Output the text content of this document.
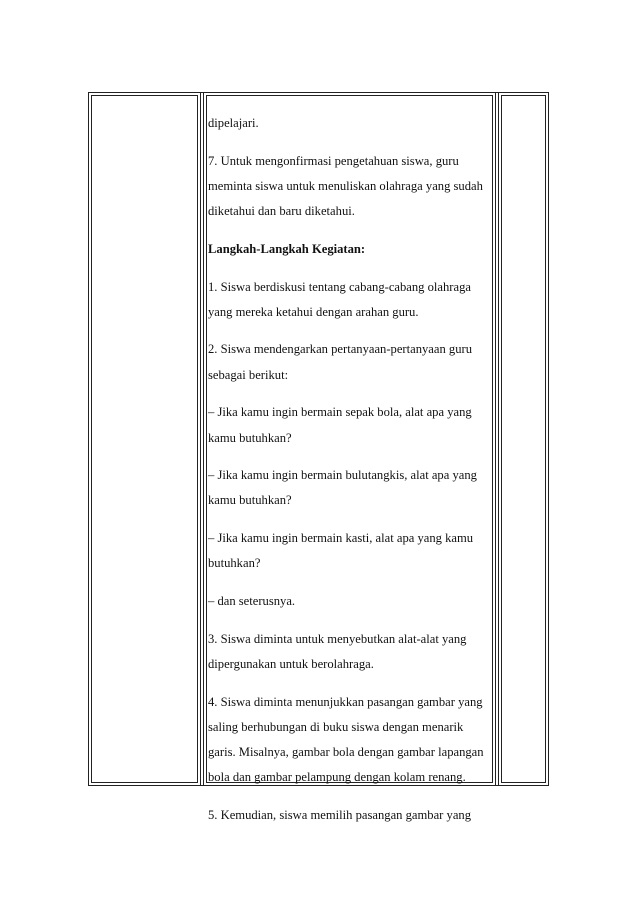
dipelajari.
7. Untuk mengonfirmasi pengetahuan siswa, guru
meminta siswa untuk menuliskan olahraga yang sudah
diketahui dan baru diketahui.
Langkah-Langkah Kegiatan:
1. Siswa berdiskusi tentang cabang-cabang olahraga
yang mereka ketahui dengan arahan guru.
2. Siswa mendengarkan pertanyaan-pertanyaan guru
sebagai berikut:
– Jika kamu ingin bermain sepak bola, alat apa yang
kamu butuhkan?
– Jika kamu ingin bermain bulutangkis, alat apa yang
kamu butuhkan?
– Jika kamu ingin bermain kasti, alat apa yang kamu
butuhkan?
– dan seterusnya.
3. Siswa diminta untuk menyebutkan alat-alat yang
dipergunakan untuk berolahraga.
4. Siswa diminta menunjukkan pasangan gambar yang
saling berhubungan di buku siswa dengan menarik
garis. Misalnya, gambar bola dengan gambar lapangan
bola dan gambar pelampung dengan kolam renang.
5. Kemudian, siswa memilih pasangan gambar yang
